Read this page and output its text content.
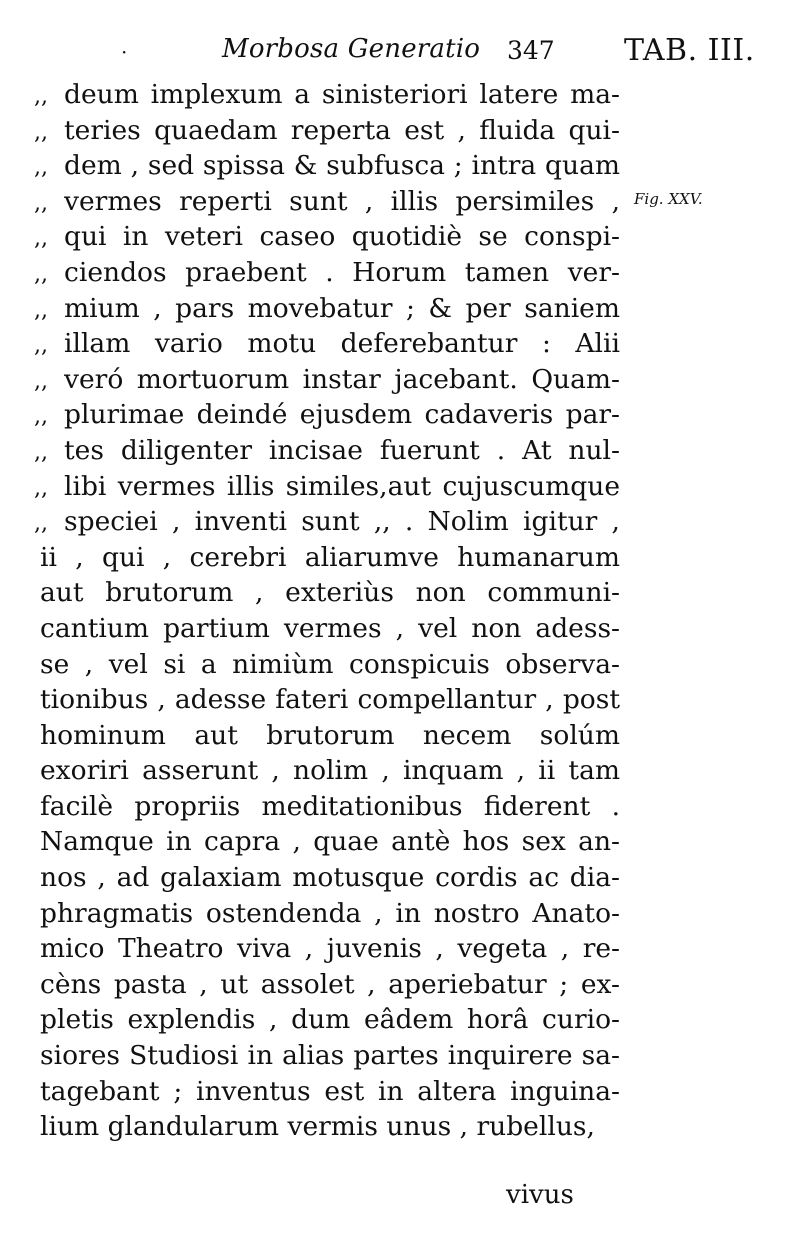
·	Morbosa Generatio 347 TAB. III.
Fig. XXV.
,, deum implexum a sinisteriori latere ma-
,, teries quaedam reperta est , fluida qui-
,, dem , sed spissa & subfusca ; intra quam
,, vermes reperti sunt , illis persimiles ,
,, qui in veteri caseo quotidiè se conspi-
,, ciendos praebent . Horum tamen ver-
,, mium , pars movebatur ; & per saniem
,, illam vario motu deferebantur : Alii
,, veró mortuorum instar jacebant. Quam-
,, plurimae deindé ejusdem cadaveris par-
,, tes diligenter incisae fuerunt . At nul-
,, libi vermes illis similes,aut cujuscumque
,, speciei , inventi sunt ,, . Nolim igitur ,
ii , qui , cerebri aliarumve humanarum
aut brutorum , exteriùs non communi-
cantium partium vermes , vel non adess-
se , vel si a nimiùm conspicuis observa-
tionibus , adesse fateri compellantur , post
hominum aut brutorum necem solúm
exoriri asserunt , nolim , inquam , ii tam
facilè propriis meditationibus fiderent .
Namque in capra , quae antè hos sex an-
nos , ad galaxiam motusque cordis ac dia-
phragmatis ostendenda , in nostro Anato-
mico Theatro viva , juvenis , vegeta , re-
cèns pasta , ut assolet , aperiebatur ; ex-
pletis explendis , dum eâdem horâ curio-
siores Studiosi in alias partes inquirere sa-
tagebant ; inventus est in altera inguina-
lium glandularum vermis unus , rubellus,
vivus
